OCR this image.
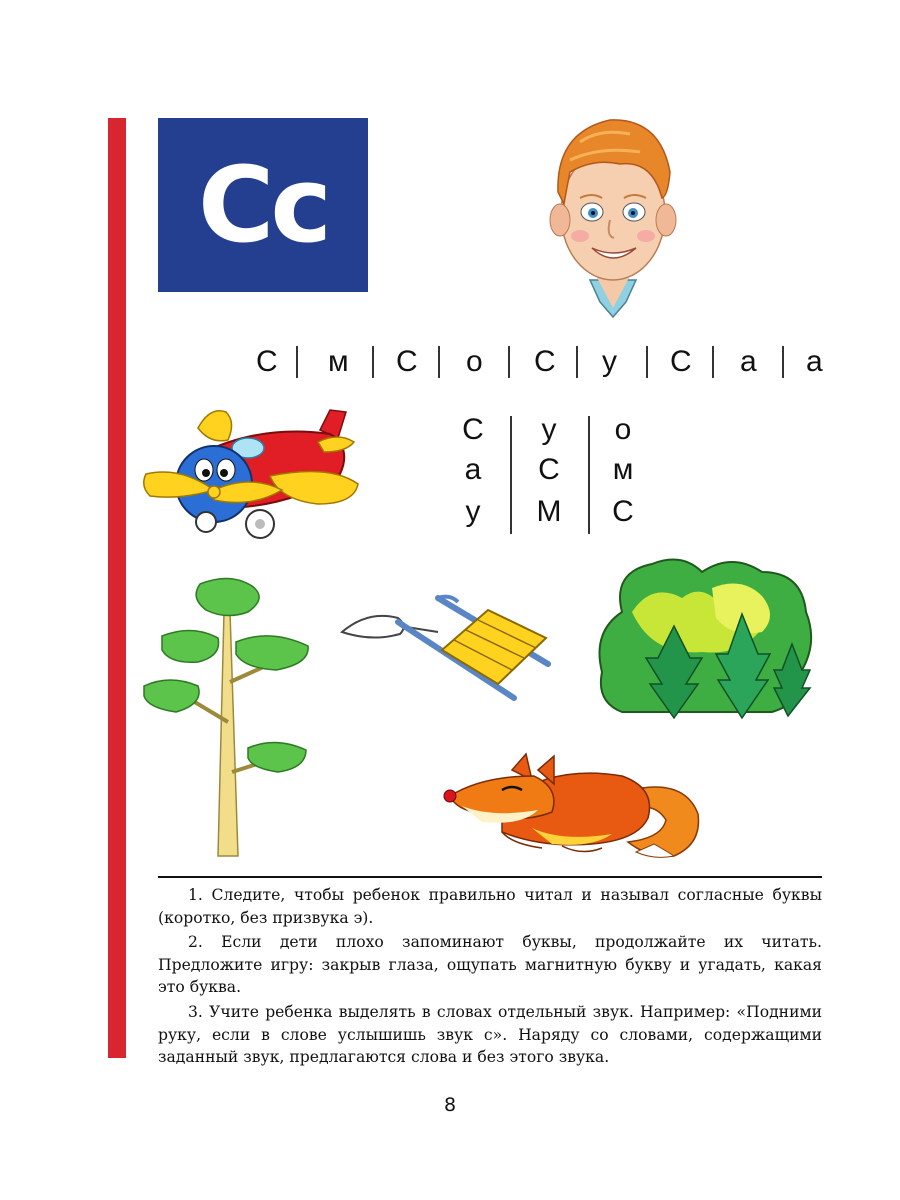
Cc
С м С о С у С а а
С	у	о
а	С	м
у	М	С

1. Следите, чтобы ребенок правильно читал и называл согласные буквы (коротко, без призвука э).

2. Если дети плохо запоминают буквы, продолжайте их читать. Предложите игру: закрыв глаза, ощупать магнитную букву и угадать, какая это буква.

3. Учите ребенка выделять в словах отдельный звук. Например: «Подними руку, если в слове услышишь звук с». Наряду со словами, содержащими заданный звук, предлагаются слова и без этого звука.

8
